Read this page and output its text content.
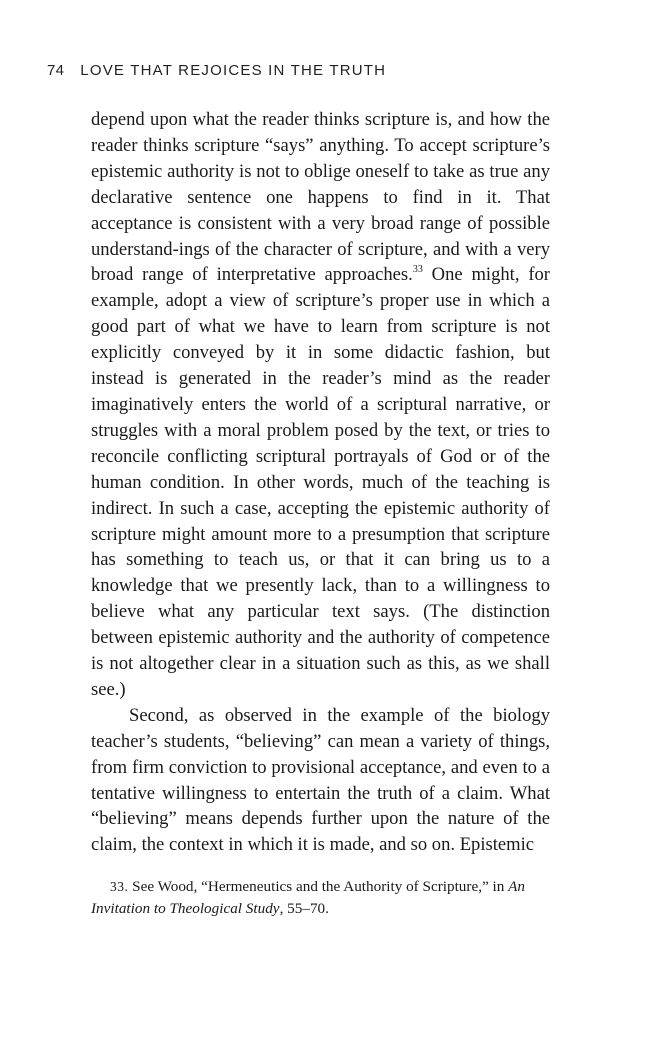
74 LOVE THAT REJOICES IN THE TRUTH

depend upon what the reader thinks scripture is, and how the reader thinks scripture “says” anything. To accept scripture’s epistemic authority is not to oblige oneself to take as true any declarative sentence one happens to find in it. That acceptance is consistent with a very broad range of possible understand-ings of the character of scripture, and with a very broad range of interpretative approaches.$^{33}$ One might, for example, adopt a view of scripture’s proper use in which a good part of what we have to learn from scripture is not explicitly conveyed by it in some didactic fashion, but instead is generated in the reader’s mind as the reader imaginatively enters the world of a scriptural narrative, or struggles with a moral problem posed by the text, or tries to reconcile conflicting scriptural portrayals of God or of the human condition. In other words, much of the teaching is indirect. In such a case, accepting the epistemic authority of scripture might amount more to a presumption that scripture has something to teach us, or that it can bring us to a knowledge that we presently lack, than to a willingness to believe what any particular text says. (The distinction between epistemic authority and the authority of competence is not altogether clear in a situation such as this, as we shall see.)

Second, as observed in the example of the biology teacher’s students, “believing” can mean a variety of things, from firm conviction to provisional acceptance, and even to a tentative willingness to entertain the truth of a claim. What “believing” means depends further upon the nature of the claim, the context in which it is made, and so on. Epistemic

33. See Wood, “Hermeneutics and the Authority of Scripture,” in An Invitation to Theological Study, 55–70.
